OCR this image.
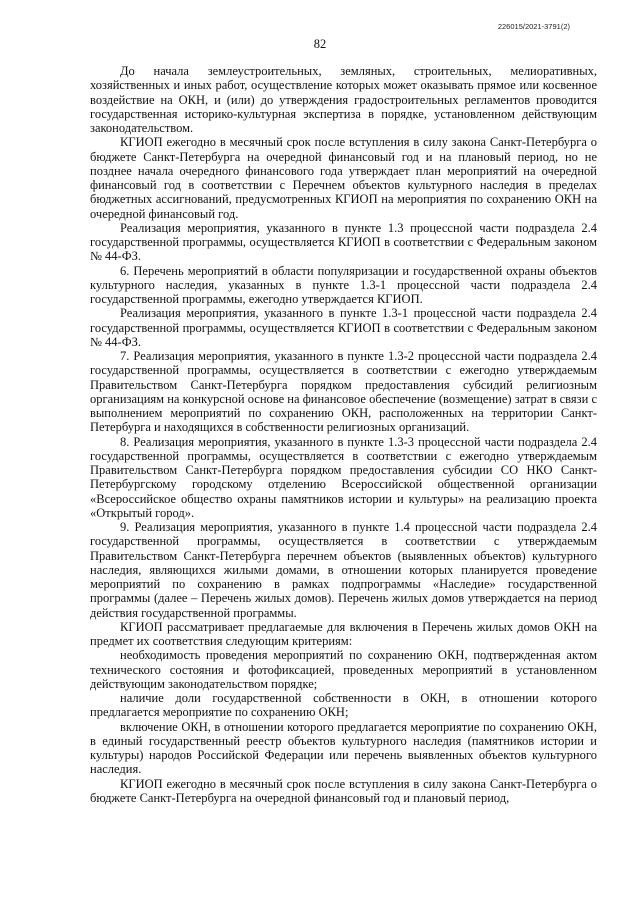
226015/2021-3791(2)
82

До начала землеустроительных, земляных, строительных, мелиоративных, хозяйственных и иных работ, осуществление которых может оказывать прямое или косвенное воздействие на ОКН, и (или) до утверждения градостроительных регламентов проводится государственная историко-культурная экспертиза в порядке, установленном действующим законодательством.

КГИОП ежегодно в месячный срок после вступления в силу закона Санкт-Петербурга о бюджете Санкт-Петербурга на очередной финансовый год и на плановый период, но не позднее начала очередного финансового года утверждает план мероприятий на очередной финансовый год в соответствии с Перечнем объектов культурного наследия в пределах бюджетных ассигнований, предусмотренных КГИОП на мероприятия по сохранению ОКН на очередной финансовый год.

Реализация мероприятия, указанного в пункте 1.3 процессной части подраздела 2.4 государственной программы, осуществляется КГИОП в соответствии с Федеральным законом № 44-ФЗ.

6. Перечень мероприятий в области популяризации и государственной охраны объектов культурного наследия, указанных в пункте 1.3-1 процессной части подраздела 2.4 государственной программы, ежегодно утверждается КГИОП.

Реализация мероприятия, указанного в пункте 1.3-1 процессной части подраздела 2.4 государственной программы, осуществляется КГИОП в соответствии с Федеральным законом № 44-ФЗ.

7. Реализация мероприятия, указанного в пункте 1.3-2 процессной части подраздела 2.4 государственной программы, осуществляется в соответствии с ежегодно утверждаемым Правительством Санкт-Петербурга порядком предоставления субсидий религиозным организациям на конкурсной основе на финансовое обеспечение (возмещение) затрат в связи с выполнением мероприятий по сохранению ОКН, расположенных на территории Санкт-Петербурга и находящихся в собственности религиозных организаций.

8. Реализация мероприятия, указанного в пункте 1.3-3 процессной части подраздела 2.4 государственной программы, осуществляется в соответствии с ежегодно утверждаемым Правительством Санкт-Петербурга порядком предоставления субсидии СО НКО Санкт-Петербургскому городскому отделению Всероссийской общественной организации «Всероссийское общество охраны памятников истории и культуры» на реализацию проекта «Открытый город».

9. Реализация мероприятия, указанного в пункте 1.4 процессной части подраздела 2.4 государственной программы, осуществляется в соответствии с утверждаемым Правительством Санкт-Петербурга перечнем объектов (выявленных объектов) культурного наследия, являющихся жилыми домами, в отношении которых планируется проведение мероприятий по сохранению в рамках подпрограммы «Наследие» государственной программы (далее – Перечень жилых домов). Перечень жилых домов утверждается на период действия государственной программы.

КГИОП рассматривает предлагаемые для включения в Перечень жилых домов ОКН на предмет их соответствия следующим критериям:

необходимость проведения мероприятий по сохранению ОКН, подтвержденная актом технического состояния и фотофиксацией, проведенных мероприятий в установленном действующим законодательством порядке;

наличие доли государственной собственности в ОКН, в отношении которого предлагается мероприятие по сохранению ОКН;

включение ОКН, в отношении которого предлагается мероприятие по сохранению ОКН, в единый государственный реестр объектов культурного наследия (памятников истории и культуры) народов Российской Федерации или перечень выявленных объектов культурного наследия.

КГИОП ежегодно в месячный срок после вступления в силу закона Санкт-Петербурга о бюджете Санкт-Петербурга на очередной финансовый год и плановый период,
